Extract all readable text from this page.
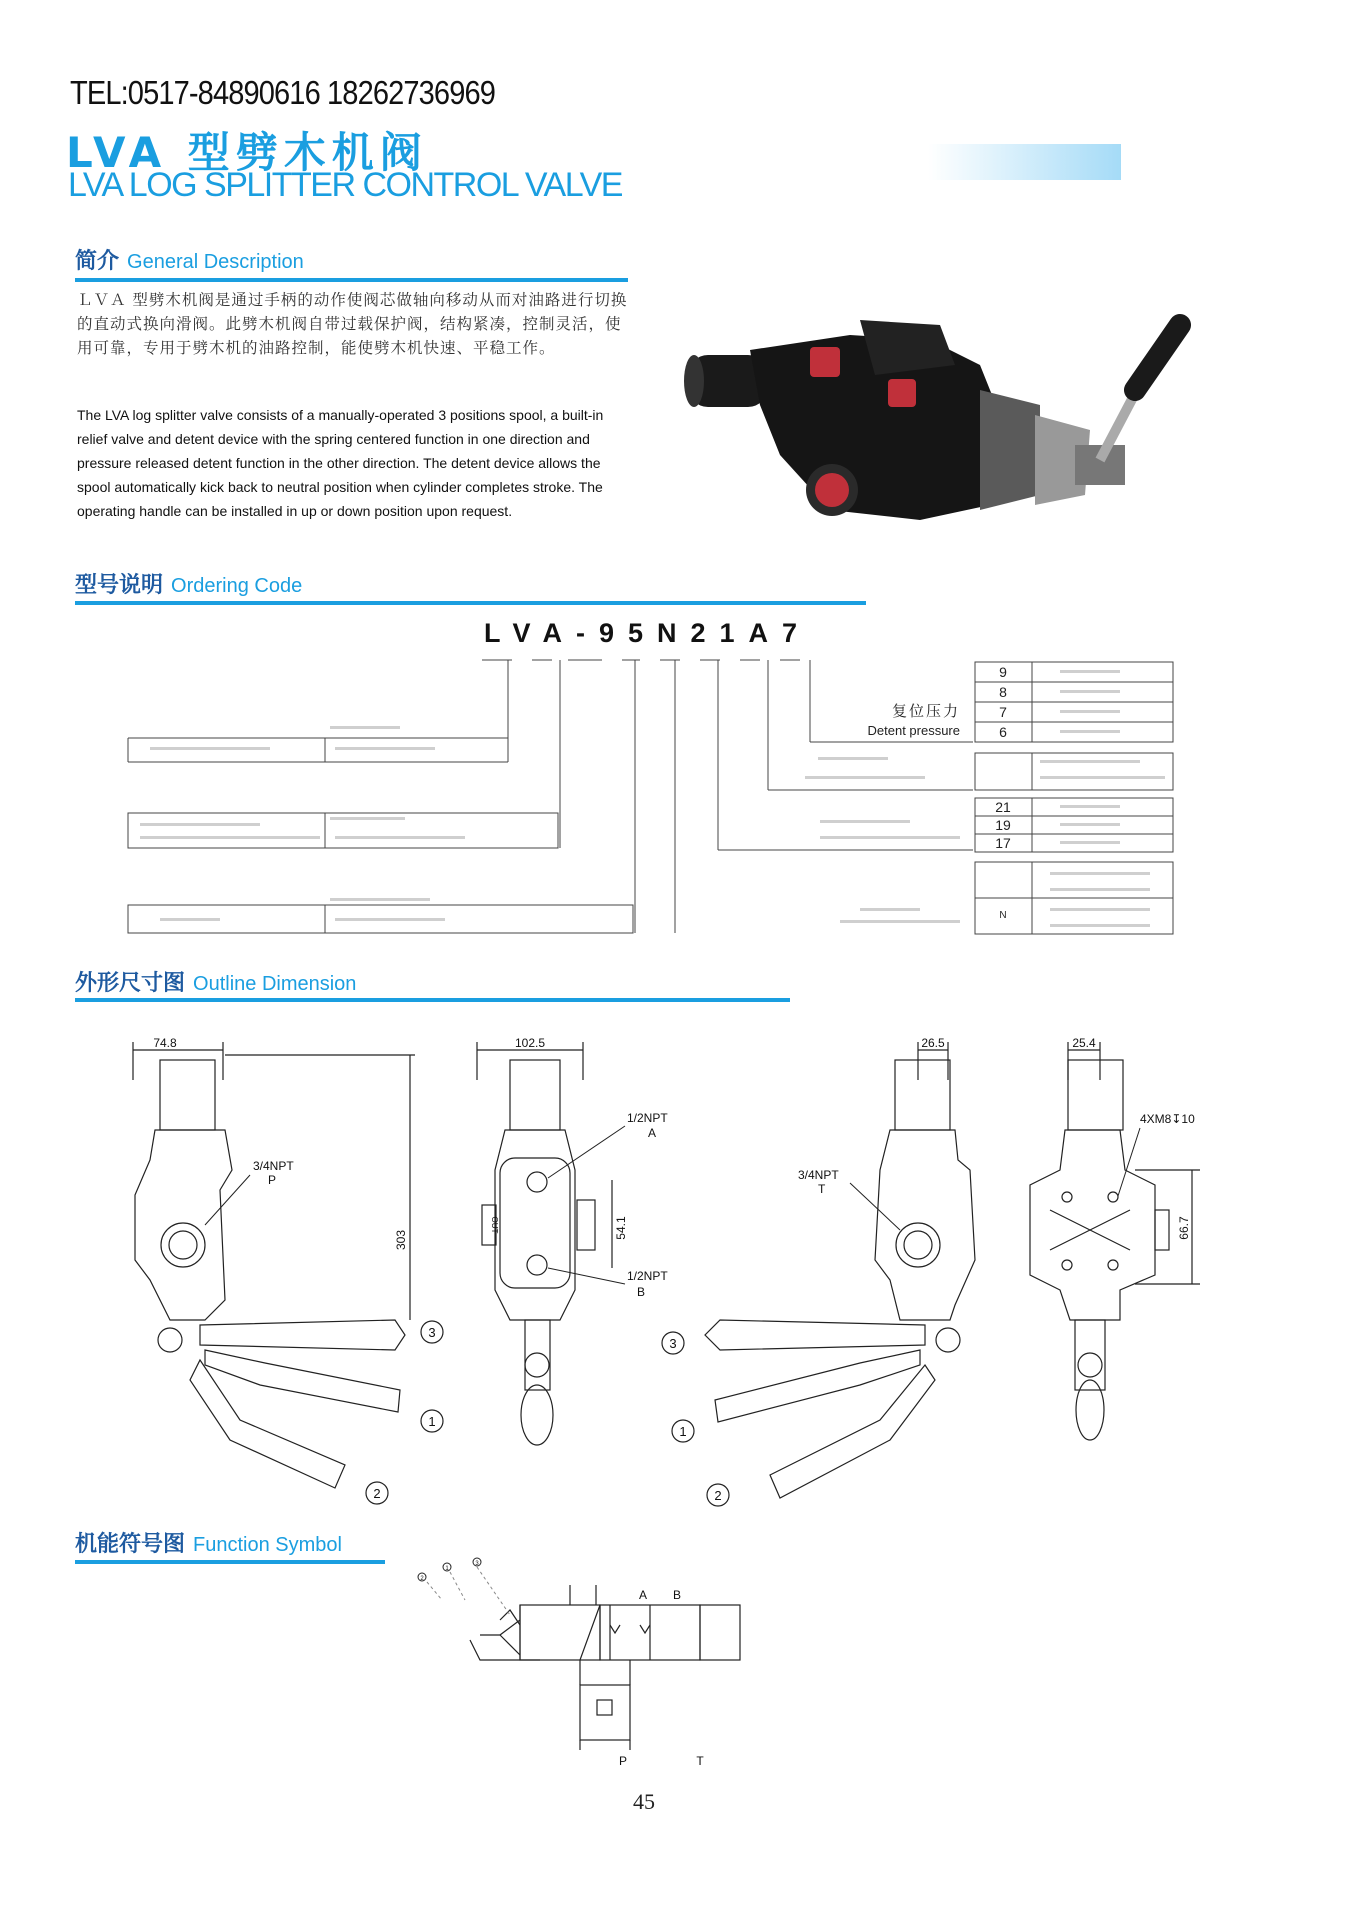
TEL:0517-84890616 18262736969
LVA 型劈木机阀
LVA LOG SPLITTER CONTROL VALVE
简介 General Description
ＬＶＡ 型劈木机阀是通过手柄的动作使阀芯做轴向移动从而对油路进行切换的直动式换向滑阀。此劈木机阀自带过载保护阀，结构紧凑，控制灵活，使用可靠，专用于劈木机的油路控制，能使劈木机快速、平稳工作。
The LVA log splitter valve consists of a manually-operated 3 positions spool, a built-in relief valve and detent device with the spring centered function in one direction and pressure released detent function in the other direction. The detent device allows the spool automatically kick back to neutral position when cylinder completes stroke. The operating handle can be installed in up or down position upon request.
型号说明 Ordering Code
LVA-95N21A7
9
8
7
6
21
19
17
N
复位压力
Detent pressure
外形尺寸图 Outline Dimension
3
1
2
3
1
2
74.8	102.5	26.5	25.4
303
54.1	66.7
3/4NPT
P
1/2NPT
A
1/2NPT
B
3/4NPT
T
4XM8↧10
OUT
机能符号图 Function Symbol
A B
P	T
2
1
3
45
